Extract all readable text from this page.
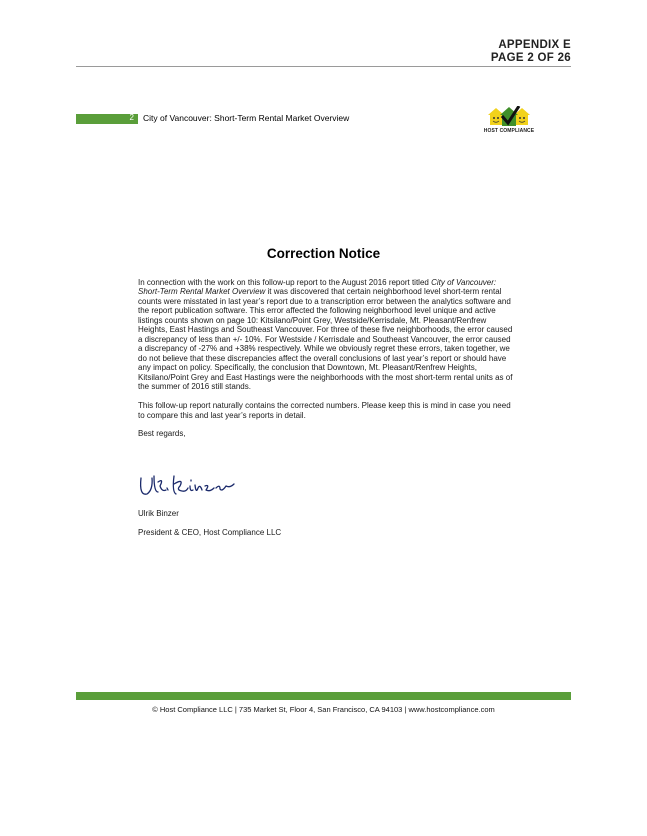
APPENDIX E
PAGE 2 OF 26
2 City of Vancouver: Short-Term Rental Market Overview
HOST COMPLIANCE
Correction Notice

In connection with the work on this follow-up report to the August 2016 report titled City of Vancouver: Short-Term Rental Market Overview it was discovered that certain neighborhood level short-term rental counts were misstated in last year’s report due to a transcription error between the analytics software and the report publication software. This error affected the following neighborhood level unique and active listings counts shown on page 10: Kitsilano/Point Grey, Westside/Kerrisdale, Mt. Pleasant/Renfrew Heights, East Hastings and Southeast Vancouver. For three of these five neighborhoods, the error caused a discrepancy of less than +/- 10%. For Westside / Kerrisdale and Southeast Vancouver, the error caused a discrepancy of -27% and +38% respectively. While we obviously regret these errors, taken together, we do not believe that these discrepancies affect the overall conclusions of last year’s report or should have any impact on policy. Specifically, the conclusion that Downtown, Mt. Pleasant/Renfrew Heights, Kitsilano/Point Grey and East Hastings were the neighborhoods with the most short-term rental units as of the summer of 2016 still stands.

This follow-up report naturally contains the corrected numbers. Please keep this is mind in case you need to compare this and last year’s reports in detail.

Best regards,

Ulrik Binzer
President & CEO, Host Compliance LLC
© Host Compliance LLC | 735 Market St, Floor 4, San Francisco, CA 94103 | www.hostcompliance.com
